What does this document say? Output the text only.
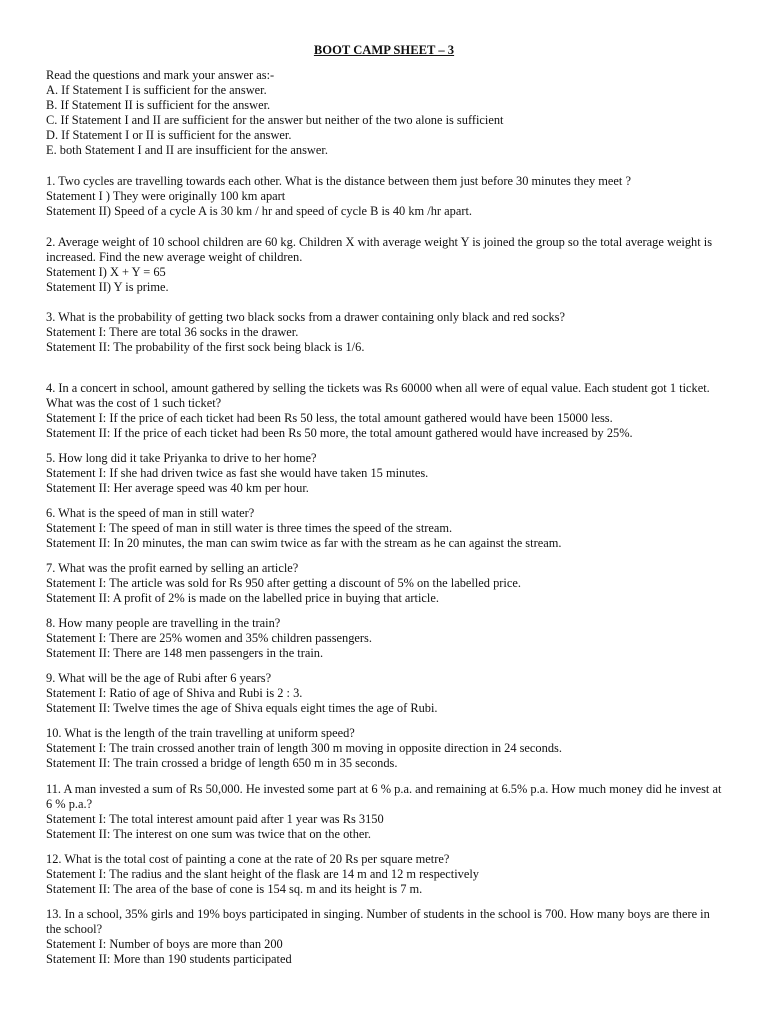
BOOT CAMP SHEET – 3
Read the questions and mark your answer as:-
A. If Statement I is sufficient for the answer.
B. If Statement II is sufficient for the answer.
C. If Statement I and II are sufficient for the answer but neither of the two alone is sufficient
D. If Statement I or II is sufficient for the answer.
E. both Statement I and II are insufficient for the answer.
1. Two cycles are travelling towards each other. What is the distance between them just before 30 minutes they meet ?
Statement I ) They were originally 100 km apart
Statement II) Speed of a cycle A is 30 km / hr and speed of cycle B is 40 km /hr apart.
2. Average weight of 10 school children are 60 kg. Children X with average weight Y is joined the group so the total average weight is increased. Find the new average weight of children.
Statement I) X + Y = 65
Statement II) Y is prime.
3. What is the probability of getting two black socks from a drawer containing only black and red socks?
Statement I: There are total 36 socks in the drawer.
Statement II: The probability of the first sock being black is 1/6.
4. In a concert in school, amount gathered by selling the tickets was Rs 60000 when all were of equal value. Each student got 1 ticket. What was the cost of 1 such ticket?
Statement I: If the price of each ticket had been Rs 50 less, the total amount gathered would have been 15000 less.
Statement II: If the price of each ticket had been Rs 50 more, the total amount gathered would have increased by 25%.
5. How long did it take Priyanka to drive to her home?
Statement I: If she had driven twice as fast she would have taken 15 minutes.
Statement II: Her average speed was 40 km per hour.
6. What is the speed of man in still water?
Statement I: The speed of man in still water is three times the speed of the stream.
Statement II: In 20 minutes, the man can swim twice as far with the stream as he can against the stream.
7. What was the profit earned by selling an article?
Statement I: The article was sold for Rs 950 after getting a discount of 5% on the labelled price.
Statement II: A profit of 2% is made on the labelled price in buying that article.
8. How many people are travelling in the train?
Statement I: There are 25% women and 35% children passengers.
Statement II: There are 148 men passengers in the train.
9. What will be the age of Rubi after 6 years?
Statement I: Ratio of age of Shiva and Rubi is 2 : 3.
Statement II: Twelve times the age of Shiva equals eight times the age of Rubi.
10. What is the length of the train travelling at uniform speed?
Statement I: The train crossed another train of length 300 m moving in opposite direction in 24 seconds.
Statement II: The train crossed a bridge of length 650 m in 35 seconds.
11. A man invested a sum of Rs 50,000. He invested some part at 6 % p.a. and remaining at 6.5% p.a. How much money did he invest at 6 % p.a.?
Statement I: The total interest amount paid after 1 year was Rs 3150
Statement II: The interest on one sum was twice that on the other.
12. What is the total cost of painting a cone at the rate of 20 Rs per square metre?
Statement I: The radius and the slant height of the flask are 14 m and 12 m respectively
Statement II: The area of the base of cone is 154 sq. m and its height is 7 m.
13. In a school, 35% girls and 19% boys participated in singing. Number of students in the school is 700. How many boys are there in the school?
Statement I: Number of boys are more than 200
Statement II: More than 190 students participated
